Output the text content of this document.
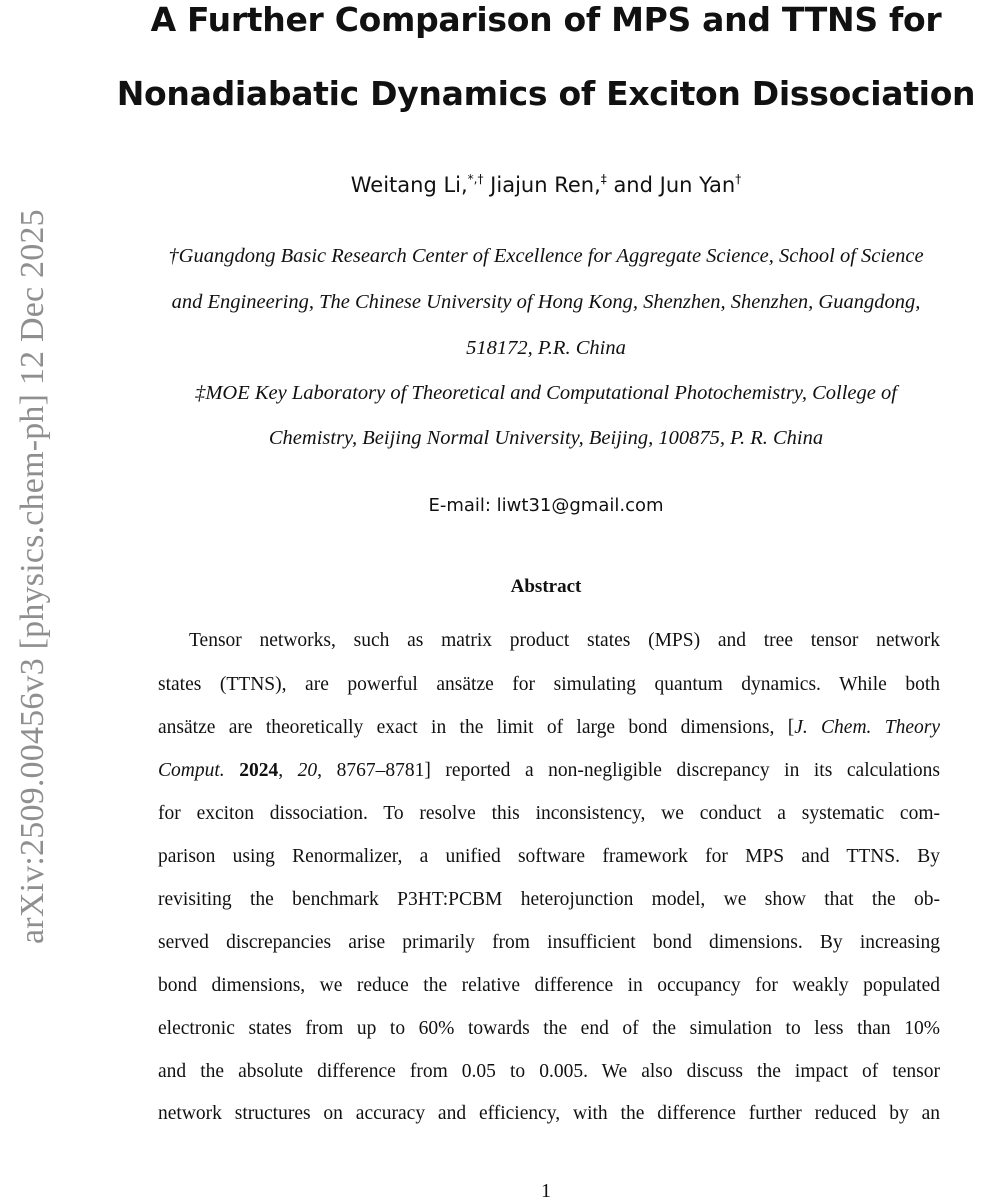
arXiv:2509.00456v3 [physics.chem-ph] 12 Dec 2025
A Further Comparison of MPS and TTNS for
Nonadiabatic Dynamics of Exciton Dissociation
Weitang Li,*,† Jiajun Ren,‡ and Jun Yan†
†Guangdong Basic Research Center of Excellence for Aggregate Science, School of Science
and Engineering, The Chinese University of Hong Kong, Shenzhen, Shenzhen, Guangdong,
518172, P.R. China
‡MOE Key Laboratory of Theoretical and Computational Photochemistry, College of
Chemistry, Beijing Normal University, Beijing, 100875, P. R. China
E-mail: liwt31@gmail.com
Abstract
Tensor networks, such as matrix product states (MPS) and tree tensor network
states (TTNS), are powerful ansätze for simulating quantum dynamics. While both
ansätze are theoretically exact in the limit of large bond dimensions, [J. Chem. Theory
Comput. 2024, 20, 8767–8781] reported a non-negligible discrepancy in its calculations
for exciton dissociation. To resolve this inconsistency, we conduct a systematic com-
parison using Renormalizer, a unified software framework for MPS and TTNS. By
revisiting the benchmark P3HT:PCBM heterojunction model, we show that the ob-
served discrepancies arise primarily from insufficient bond dimensions. By increasing
bond dimensions, we reduce the relative difference in occupancy for weakly populated
electronic states from up to 60% towards the end of the simulation to less than 10%
and the absolute difference from 0.05 to 0.005. We also discuss the impact of tensor
network structures on accuracy and efficiency, with the difference further reduced by an
1
